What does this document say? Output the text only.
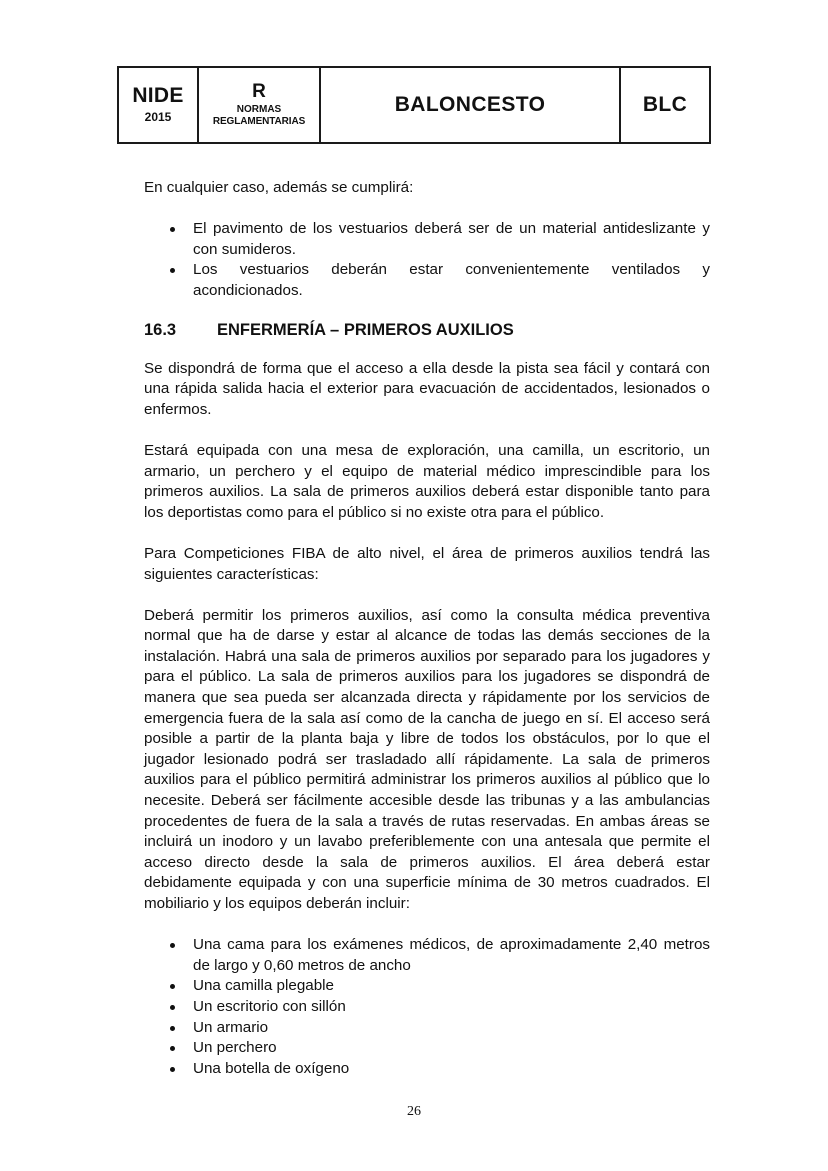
NIDE
2015
R
NORMAS
REGLAMENTARIAS
BALONCESTO	BLC

En cualquier caso, además se cumplirá:

El pavimento de los vestuarios deberá ser de un material antideslizante y con sumideros.
Los vestuarios deberán estar convenientemente ventilados y acondicionados.
16.3	ENFERMERÍA – PRIMEROS AUXILIOS

Se dispondrá de forma que el acceso a ella desde la pista sea fácil y contará con una rápida salida hacia el exterior para evacuación de accidentados, lesionados o enfermos.

Estará equipada con una mesa de exploración, una camilla, un escritorio, un armario, un perchero y el equipo de material médico imprescindible para los primeros auxilios. La sala de primeros auxilios deberá estar disponible tanto para los deportistas como para el público si no existe otra para el público.

Para Competiciones FIBA de alto nivel, el área de primeros auxilios tendrá las siguientes características:

Deberá permitir los primeros auxilios, así como la consulta médica preventiva normal que ha de darse y estar al alcance de todas las demás secciones de la instalación. Habrá una sala de primeros auxilios por separado para los jugadores y para el público. La sala de primeros auxilios para los jugadores se dispondrá de manera que sea pueda ser alcanzada directa y rápidamente por los servicios de emergencia fuera de la sala así como de la cancha de juego en sí. El acceso será posible a partir de la planta baja y libre de todos los obstáculos, por lo que el jugador lesionado podrá ser trasladado allí rápidamente. La sala de primeros auxilios para el público permitirá administrar los primeros auxilios al público que lo necesite. Deberá ser fácilmente accesible desde las tribunas y a las ambulancias procedentes de fuera de la sala a través de rutas reservadas. En ambas áreas se incluirá un inodoro y un lavabo preferiblemente con una antesala que permite el acceso directo desde la sala de primeros auxilios. El área deberá estar debidamente equipada y con una superficie mínima de 30 metros cuadrados. El mobiliario y los equipos deberán incluir:

Una cama para los exámenes médicos, de aproximadamente 2,40 metros de largo y 0,60 metros de ancho
Una camilla plegable
Un escritorio con sillón
Un armario
Un perchero
Una botella de oxígeno
26
